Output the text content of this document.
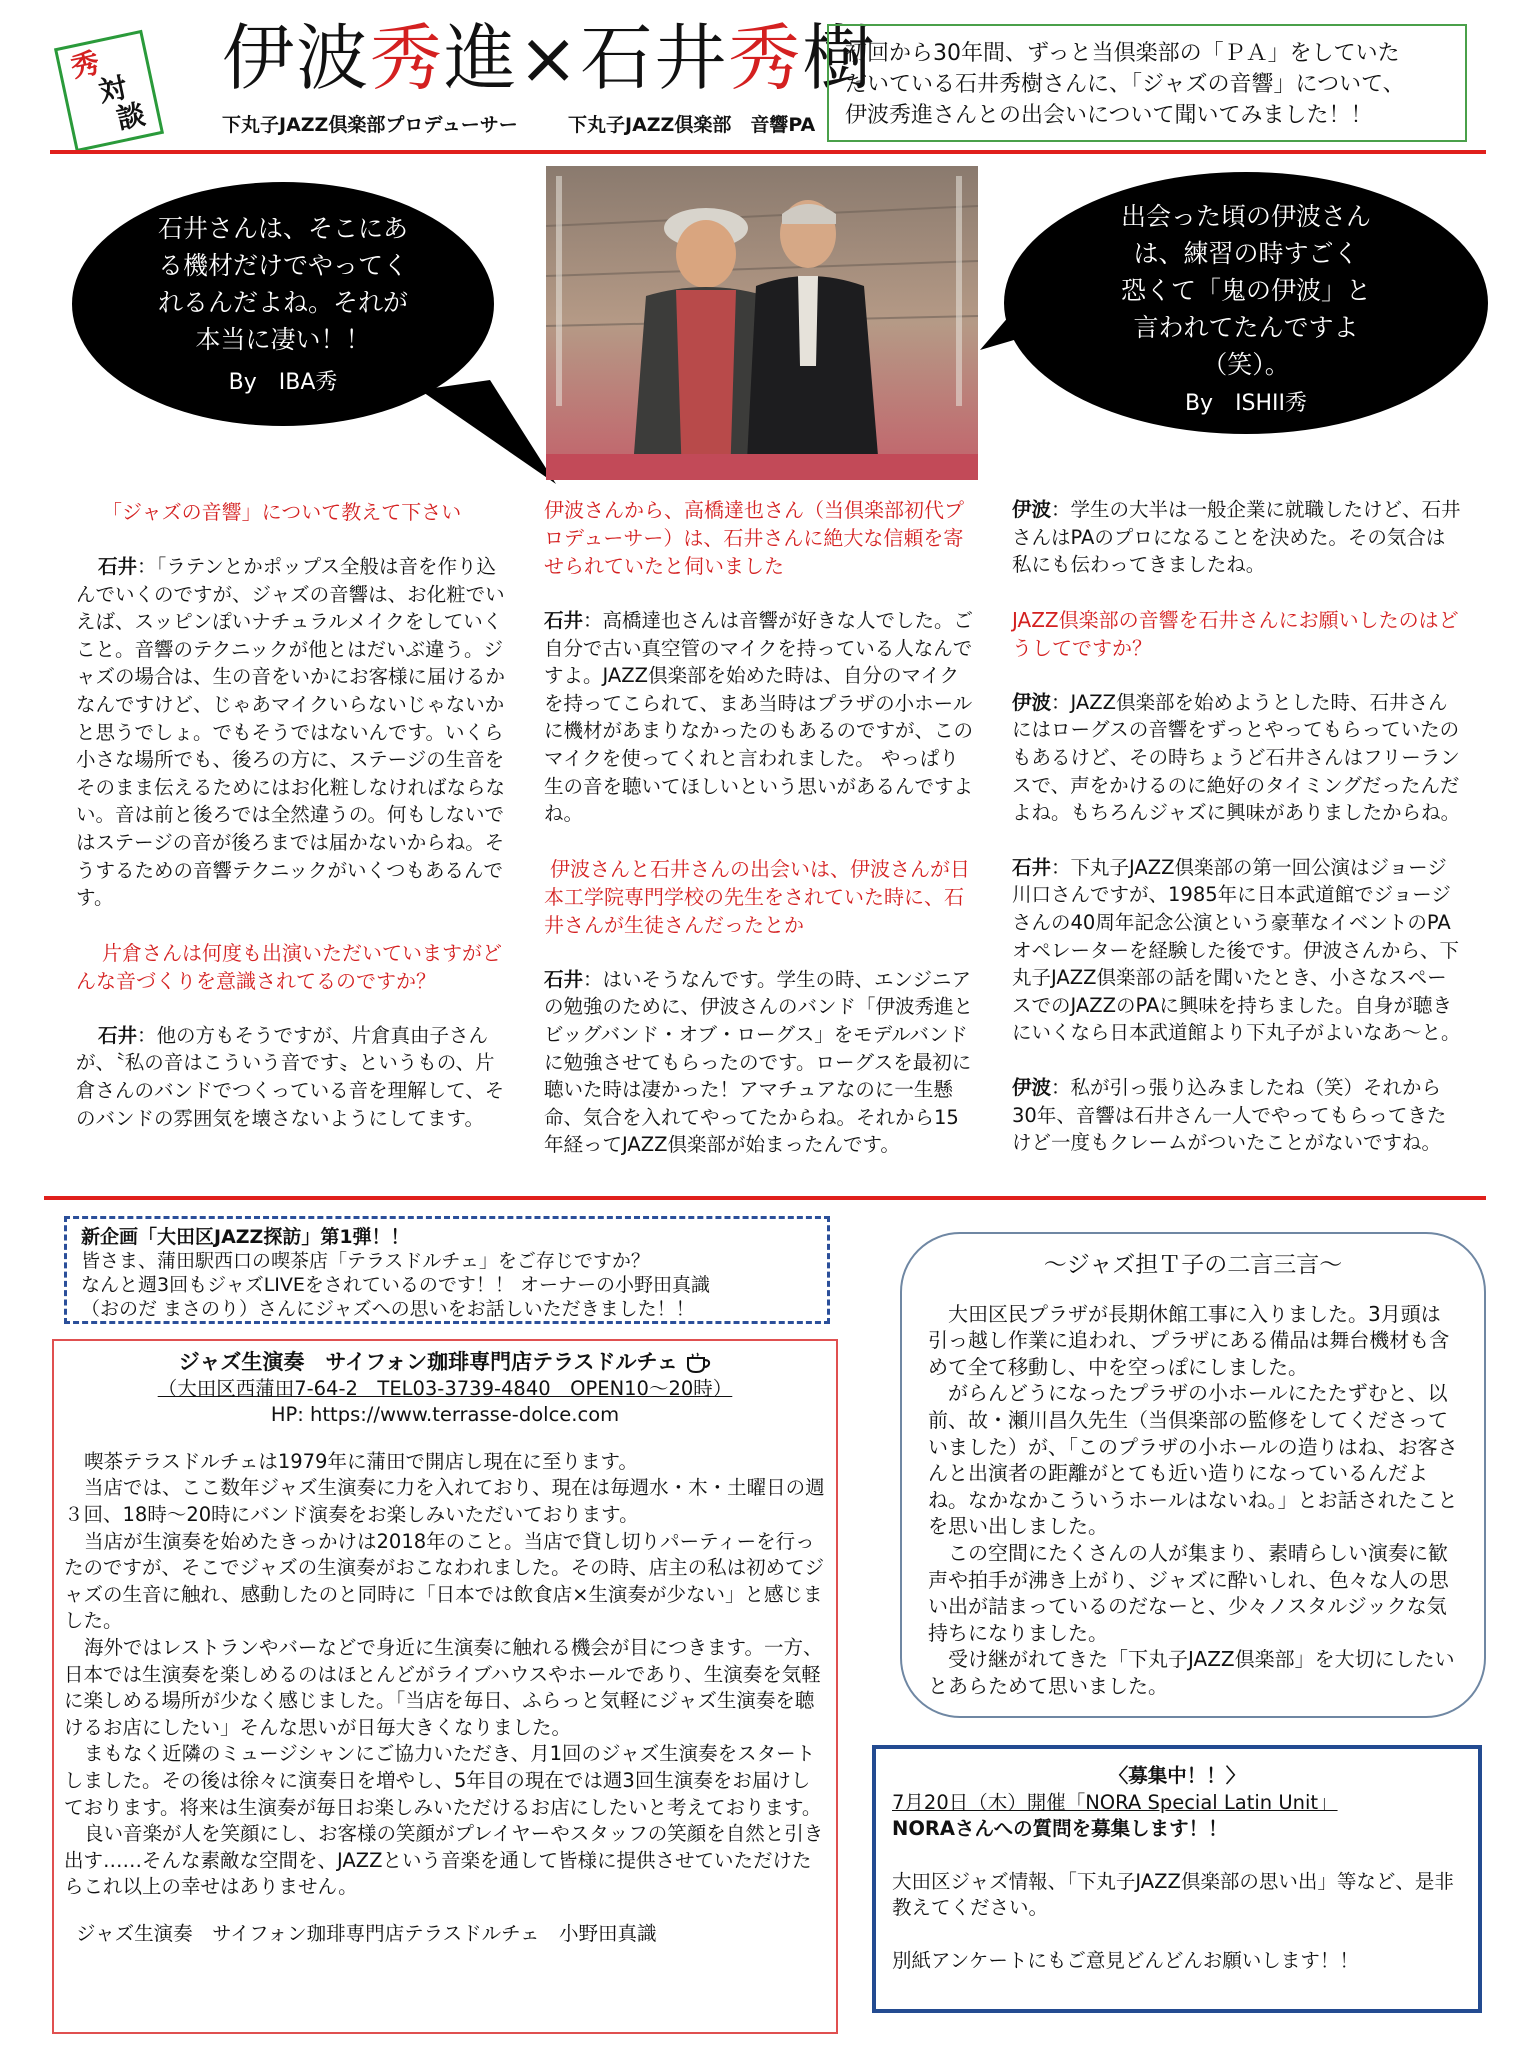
秀
対
談
伊波秀進×石井秀樹
下丸子JAZZ倶楽部プロデューサー	下丸子JAZZ倶楽部　音響PA
初回から30年間、ずっと当倶楽部の「ＰＡ」をしていた
だいている石井秀樹さんに、「ジャズの音響」について、
伊波秀進さんとの出会いについて聞いてみました！！
石井さんは、そこにあ
る機材だけでやってく
れるんだよね。それが
本当に凄い！！
By　IBA秀
出会った頃の伊波さん
は、練習の時すごく
恐くて「鬼の伊波」と
言われてたんですよ
（笑）。
By　ISHII秀

「ジャズの音響」について教えて下さい

石井：「ラテンとかポップス全般は音を作り込んでいくのですが、ジャズの音響は、お化粧でいえば、スッピンぽいナチュラルメイクをしていくこと。音響のテクニックが他とはだいぶ違う。ジャズの場合は、生の音をいかにお客様に届けるかなんですけど、じゃあマイクいらないじゃないかと思うでしょ。でもそうではないんです。いくら小さな場所でも、後ろの方に、ステージの生音をそのまま伝えるためにはお化粧しなければならない。音は前と後ろでは全然違うの。何もしないではステージの音が後ろまでは届かないからね。そうするための音響テクニックがいくつもあるんです。

片倉さんは何度も出演いただいていますがどんな音づくりを意識されてるのですか？

石井：他の方もそうですが、片倉真由子さんが、〝私の音はこういう音です〟というもの、片倉さんのバンドでつくっている音を理解して、そのバンドの雰囲気を壊さないようにしてます。

伊波さんから、高橋達也さん（当倶楽部初代プロデューサー）は、石井さんに絶大な信頼を寄せられていたと伺いました

石井：高橋達也さんは音響が好きな人でした。ご自分で古い真空管のマイクを持っている人なんですよ。JAZZ倶楽部を始めた時は、自分のマイクを持ってこられて、まあ当時はプラザの小ホールに機材があまりなかったのもあるのですが、このマイクを使ってくれと言われました。 やっぱり生の音を聴いてほしいという思いがあるんですよね。

伊波さんと石井さんの出会いは、伊波さんが日本工学院専門学校の先生をされていた時に、石井さんが生徒さんだったとか

石井：はいそうなんです。学生の時、エンジニアの勉強のために、伊波さんのバンド「伊波秀進とビッグバンド・オブ・ローグス」をモデルバンドに勉強させてもらったのです。ローグスを最初に聴いた時は凄かった！アマチュアなのに一生懸命、気合を入れてやってたからね。それから15年経ってJAZZ倶楽部が始まったんです。

伊波：学生の大半は一般企業に就職したけど、石井さんはPAのプロになることを決めた。その気合は私にも伝わってきましたね。

JAZZ倶楽部の音響を石井さんにお願いしたのはどうしてですか？

伊波：JAZZ倶楽部を始めようとした時、石井さんにはローグスの音響をずっとやってもらっていたのもあるけど、その時ちょうど石井さんはフリーランスで、声をかけるのに絶好のタイミングだったんだよね。もちろんジャズに興味がありましたからね。

石井：下丸子JAZZ倶楽部の第一回公演はジョージ川口さんですが、1985年に日本武道館でジョージさんの40周年記念公演という豪華なイベントのPAオペレーターを経験した後です。伊波さんから、下丸子JAZZ倶楽部の話を聞いたとき、小さなスペースでのJAZZのPAに興味を持ちました。自身が聴きにいくなら日本武道館より下丸子がよいなあ～と。

伊波：私が引っ張り込みましたね（笑）それから30年、音響は石井さん一人でやってもらってきたけど一度もクレームがついたことがないですね。

新企画「大田区JAZZ探訪」第1弾！！
皆さま、蒲田駅西口の喫茶店「テラスドルチェ」をご存じですか？
なんと週3回もジャズLIVEをされているのです！！ オーナーの小野田真識
（おのだ まさのり）さんにジャズへの思いをお話しいただきました！！
ジャズ生演奏　サイフォン珈琲専門店テラスドルチェ
（大田区西蒲田7-64-2　TEL03-3739-4840　OPEN10～20時）
HP: https://www.terrasse-dolce.com

喫茶テラスドルチェは1979年に蒲田で開店し現在に至ります。

当店では、ここ数年ジャズ生演奏に力を入れており、現在は毎週水・木・土曜日の週３回、18時～20時にバンド演奏をお楽しみいただいております。

当店が生演奏を始めたきっかけは2018年のこと。当店で貸し切りパーティーを行ったのですが、そこでジャズの生演奏がおこなわれました。その時、店主の私は初めてジャズの生音に触れ、感動したのと同時に「日本では飲食店×生演奏が少ない」と感じました。

海外ではレストランやバーなどで身近に生演奏に触れる機会が目につきます。一方、日本では生演奏を楽しめるのはほとんどがライブハウスやホールであり、生演奏を気軽に楽しめる場所が少なく感じました。「当店を毎日、ふらっと気軽にジャズ生演奏を聴けるお店にしたい」そんな思いが日毎大きくなりました。

まもなく近隣のミュージシャンにご協力いただき、月1回のジャズ生演奏をスタートしました。その後は徐々に演奏日を増やし、5年目の現在では週3回生演奏をお届けしております。将来は生演奏が毎日お楽しみいただけるお店にしたいと考えております。

良い音楽が人を笑顔にし、お客様の笑顔がプレイヤーやスタッフの笑顔を自然と引き出す……そんな素敵な空間を、JAZZという音楽を通して皆様に提供させていただけたらこれ以上の幸せはありません。

ジャズ生演奏　サイフォン珈琲専門店テラスドルチェ　小野田真識

～ジャズ担Ｔ子の二言三言～

大田区民プラザが長期休館工事に入りました。3月頭は引っ越し作業に追われ、プラザにある備品は舞台機材も含めて全て移動し、中を空っぽにしました。

がらんどうになったプラザの小ホールにたたずむと、以前、故・瀬川昌久先生（当倶楽部の監修をしてくださっていました）が、「このプラザの小ホールの造りはね、お客さんと出演者の距離がとても近い造りになっているんだよね。なかなかこういうホールはないね。」とお話されたことを思い出しました。

この空間にたくさんの人が集まり、素晴らしい演奏に歓声や拍手が沸き上がり、ジャズに酔いしれ、色々な人の思い出が詰まっているのだなーと、少々ノスタルジックな気持ちになりました。

受け継がれてきた「下丸子JAZZ倶楽部」を大切にしたいとあらためて思いました。

〈募集中！！〉
7月20日（木）開催「NORA Special Latin Unit」
NORAさんへの質問を募集します！！
大田区ジャズ情報、「下丸子JAZZ倶楽部の思い出」等など、是非教えてください。
別紙アンケートにもご意見どんどんお願いします！！
